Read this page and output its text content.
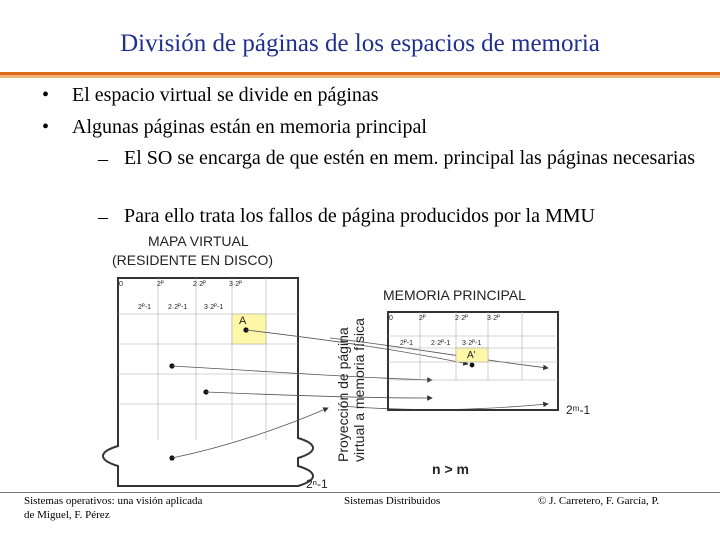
División de páginas de los espacios de memoria
• El espacio virtual se divide en páginas
• Algunas páginas están en memoria principal
– El SO se encarga de que estén en mem. principal las páginas necesarias
– Para ello trata los fallos de página producidos por la MMU
MAPA VIRTUAL
(RESIDENTE EN DISCO)
0	2ᴾ	2·2ᴾ	3·2ᴾ
2ᴾ-1 2·2ᴾ-1 3·2ᴾ-1
A
2ⁿ-1
Proyección de página virtual a memoria física
MEMORIA PRINCIPAL
0	2ᴾ	2·2ᴾ	3·2ᴾ
2ᴾ-1	2·2ᴾ-1 3·2ᴾ-1
A'
2ᵐ-1
n > m
Sistemas operativos: una visión aplicada
de Miguel, F. Pérez
Sistemas Distribuidos	© J. Carretero, F. García, P.
